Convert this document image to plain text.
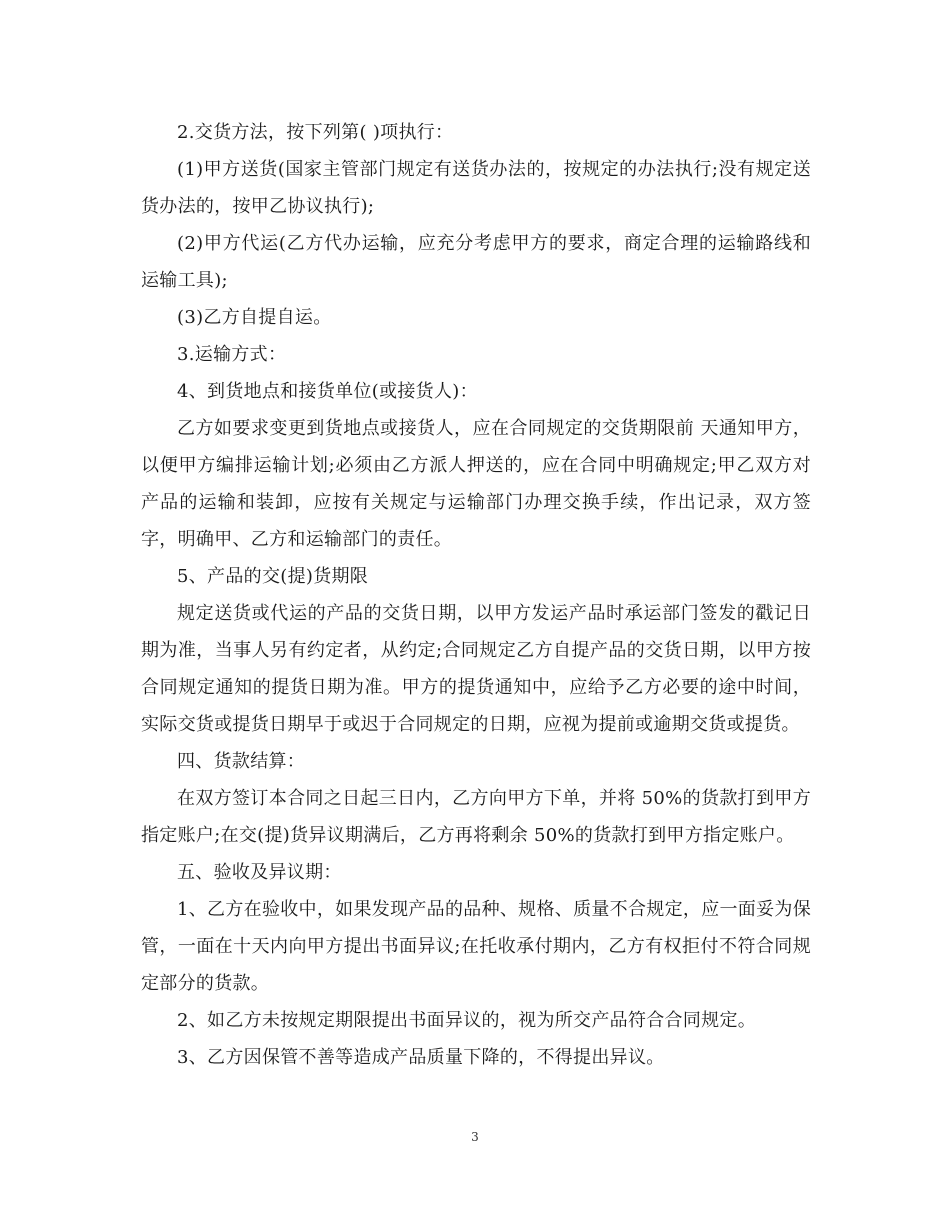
2.交货方法，按下列第( )项执行：

(1)甲方送货(国家主管部门规定有送货办法的，按规定的办法执行;没有规定送货办法的，按甲乙协议执行);

(2)甲方代运(乙方代办运输，应充分考虑甲方的要求，商定合理的运输路线和运输工具);

(3)乙方自提自运。

3.运输方式：

4、到货地点和接货单位(或接货人)：

乙方如要求变更到货地点或接货人，应在合同规定的交货期限前 天通知甲方，以便甲方编排运输计划;必须由乙方派人押送的，应在合同中明确规定;甲乙双方对产品的运输和装卸，应按有关规定与运输部门办理交换手续，作出记录，双方签字，明确甲、乙方和运输部门的责任。

5、产品的交(提)货期限

规定送货或代运的产品的交货日期，以甲方发运产品时承运部门签发的戳记日期为准，当事人另有约定者，从约定;合同规定乙方自提产品的交货日期，以甲方按合同规定通知的提货日期为准。甲方的提货通知中，应给予乙方必要的途中时间，实际交货或提货日期早于或迟于合同规定的日期，应视为提前或逾期交货或提货。

四、货款结算：

在双方签订本合同之日起三日内，乙方向甲方下单，并将 50%的货款打到甲方指定账户;在交(提)货异议期满后，乙方再将剩余 50%的货款打到甲方指定账户。

五、验收及异议期：

1、乙方在验收中，如果发现产品的品种、规格、质量不合规定，应一面妥为保管，一面在十天内向甲方提出书面异议;在托收承付期内，乙方有权拒付不符合同规定部分的货款。

2、如乙方未按规定期限提出书面异议的，视为所交产品符合合同规定。

3、乙方因保管不善等造成产品质量下降的，不得提出异议。

3
